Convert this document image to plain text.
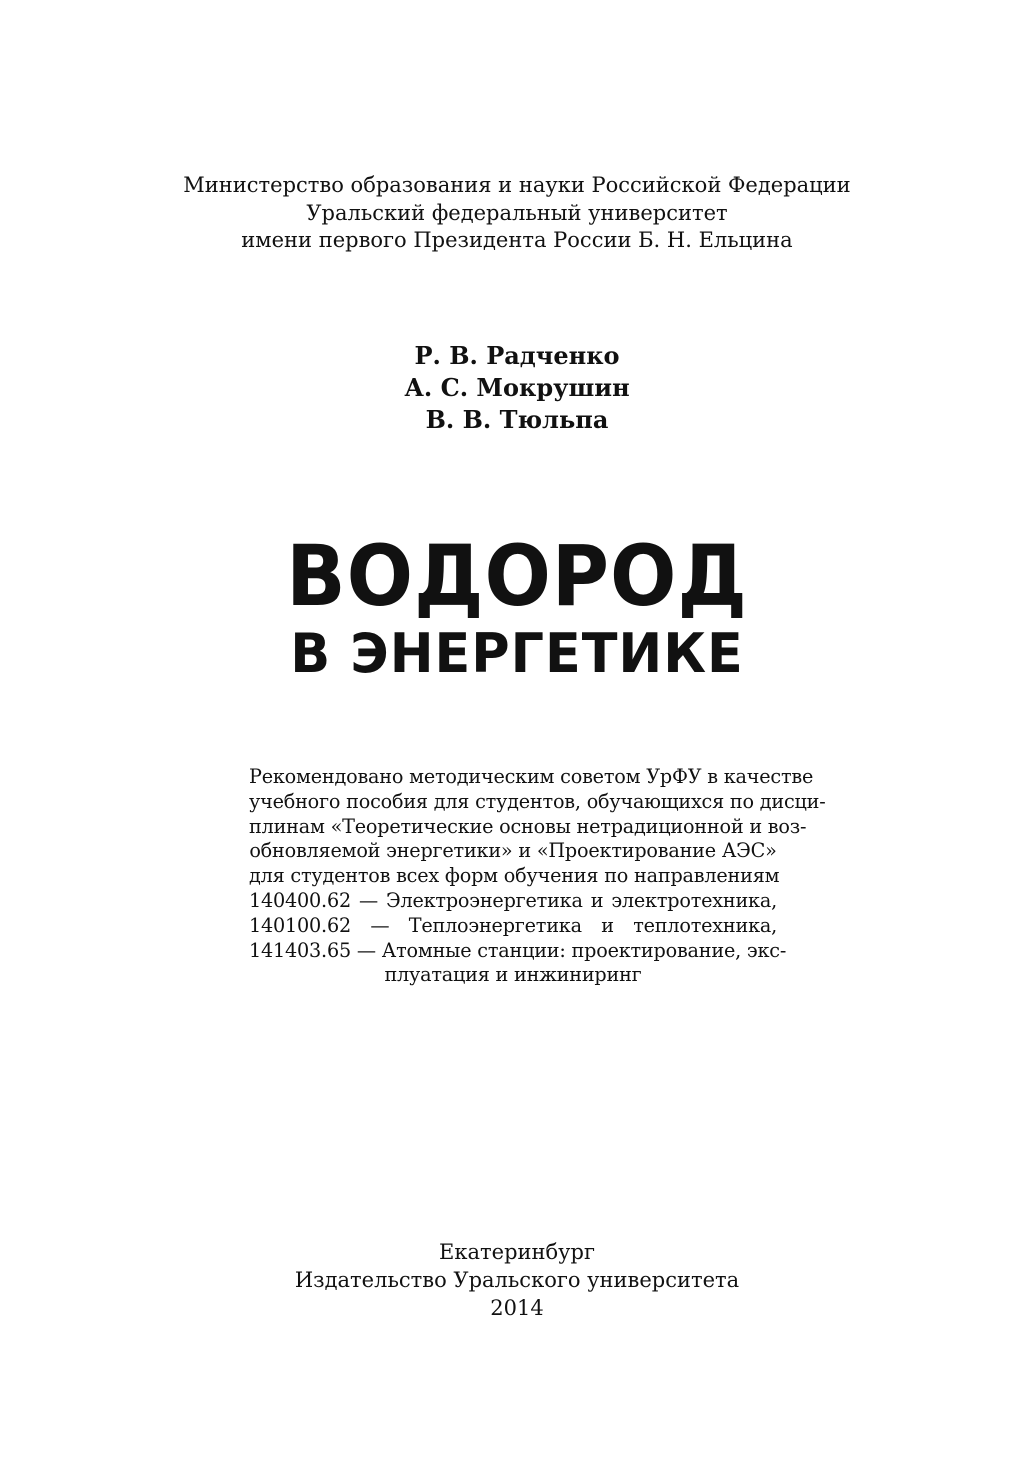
Министерство образования и науки Российской Федерации
Уральский федеральный университет
имени первого Президента России Б. Н. Ельцина
Р. В. Радченко
А. С. Мокрушин
В. В. Тюльпа
ВОДОРОД
В ЭНЕРГЕТИКЕ
Рекомендовано методическим советом УрФУ в качестве
учебного пособия для студентов, обучающихся по дисци-
плинам «Теоретические основы нетрадиционной и воз-
обновляемой энергетики» и «Проектирование АЭС»
для студентов всех форм обучения по направлениям
140400.62 — Электроэнергетика и электротехника,
140100.62 — Теплоэнергетика и теплотехника,
141403.65 — Атомные станции: проектирование, экс-
плуатация и инжиниринг
Екатеринбург
Издательство Уральского университета
2014
